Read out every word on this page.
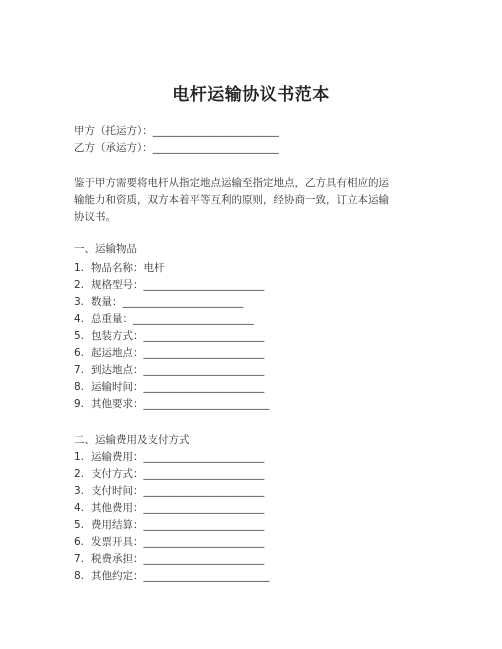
电杆运输协议书范本
甲方（托运方）：________________________
乙方（承运方）：________________________
鉴于甲方需要将电杆从指定地点运输至指定地点，乙方具有相应的运
输能力和资质，双方本着平等互利的原则，经协商一致，订立本运输
协议书。
一、运输物品
1. 物品名称：电杆
2. 规格型号：_______________________
3. 数量：_______________________
4. 总重量：_______________________
5. 包装方式：_______________________
6. 起运地点：_______________________
7. 到达地点：_______________________
8. 运输时间：_______________________
9. 其他要求：________________________
二、运输费用及支付方式
1. 运输费用：_______________________
2. 支付方式：_______________________
3. 支付时间：_______________________
4. 其他费用：_______________________
5. 费用结算：_______________________
6. 发票开具：_______________________
7. 税费承担：_______________________
8. 其他约定：________________________
